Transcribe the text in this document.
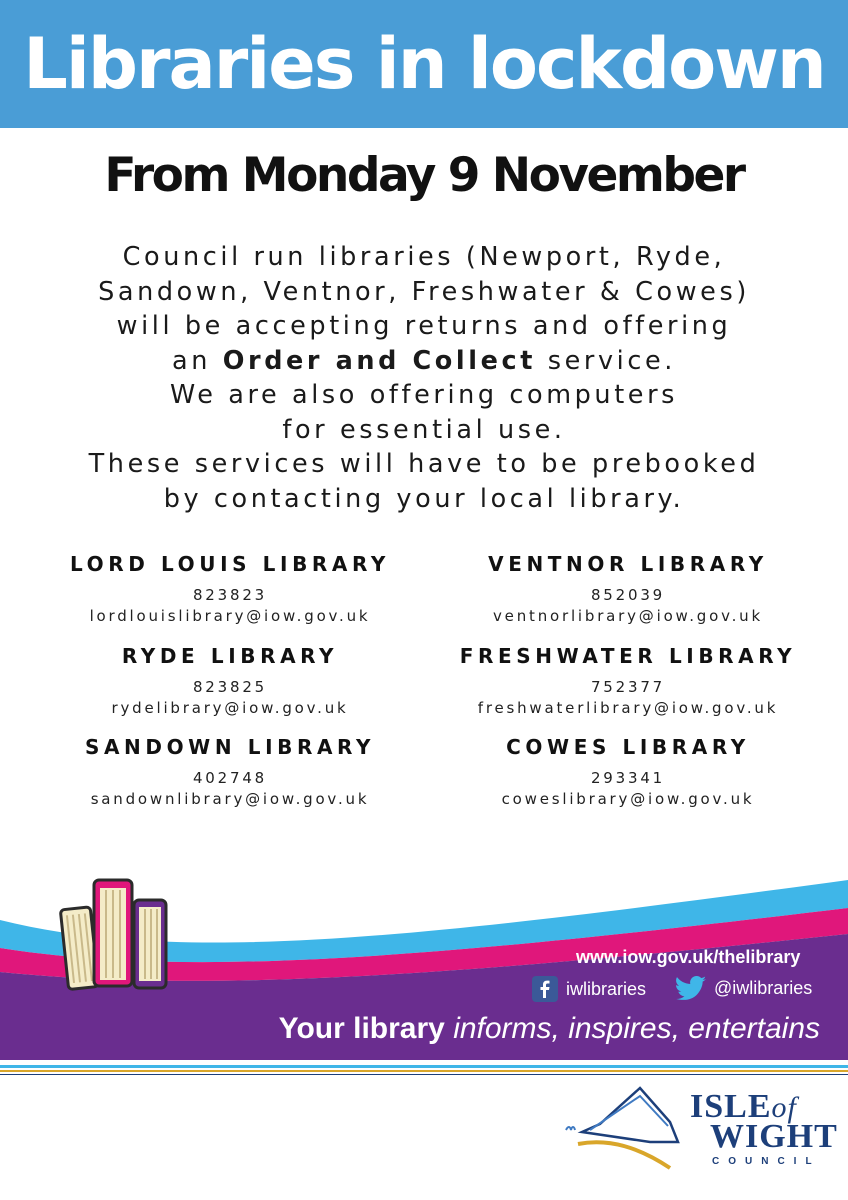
Libraries in lockdown
From Monday 9 November
Council run libraries (Newport, Ryde,
Sandown, Ventnor, Freshwater & Cowes)
will be accepting returns and offering
an Order and Collect service.
We are also offering computers
for essential use.
These services will have to be prebooked
by contacting your local library.
LORD LOUIS LIBRARY
823823
lordlouislibrary@iow.gov.uk
VENTNOR LIBRARY
852039
ventnorlibrary@iow.gov.uk
RYDE LIBRARY
823825
rydelibrary@iow.gov.uk
FRESHWATER LIBRARY
752377
freshwaterlibrary@iow.gov.uk
SANDOWN LIBRARY
402748
sandownlibrary@iow.gov.uk
COWES LIBRARY
293341
coweslibrary@iow.gov.uk
www.iow.gov.uk/thelibrary
iwlibraries	@iwlibraries
Your library informs, inspires, entertains
ISLEof
WIGHT
COUNCIL
